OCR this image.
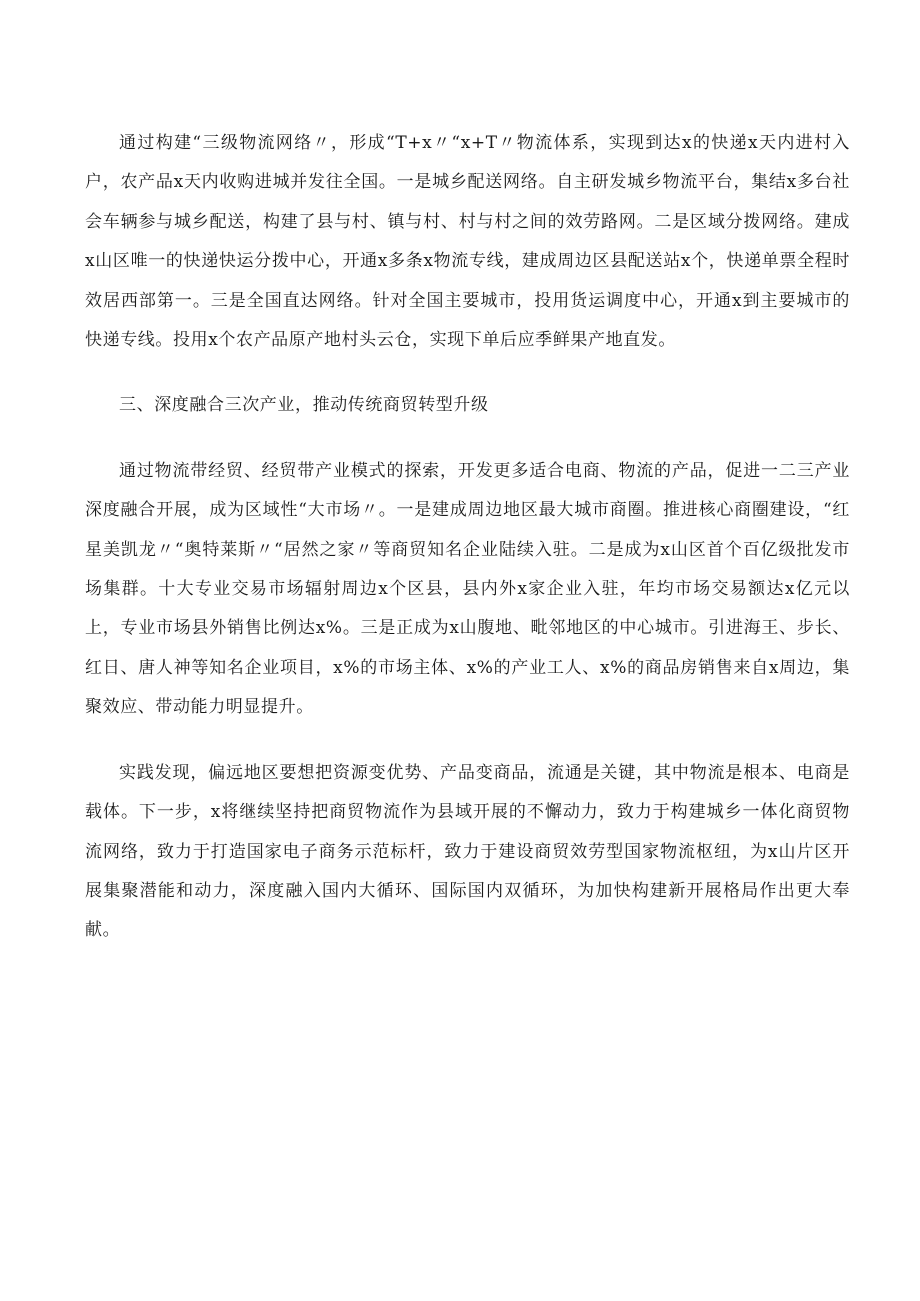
通过构建“三级物流网络〃，形成“T+x〃“x+T〃物流体系，实现到达x的快递x天内进村入户，农产品x天内收购进城并发往全国。一是城乡配送网络。自主研发城乡物流平台，集结x多台社会车辆参与城乡配送，构建了县与村、镇与村、村与村之间的效劳路网。二是区域分拨网络。建成x山区唯一的快递快运分拨中心，开通x多条x物流专线，建成周边区县配送站x个，快递单票全程时效居西部第一。三是全国直达网络。针对全国主要城市，投用货运调度中心，开通x到主要城市的快递专线。投用x个农产品原产地村头云仓，实现下单后应季鲜果产地直发。

三、深度融合三次产业，推动传统商贸转型升级

通过物流带经贸、经贸带产业模式的探索，开发更多适合电商、物流的产品，促进一二三产业深度融合开展，成为区域性“大市场〃。一是建成周边地区最大城市商圈。推进核心商圈建设，“红星美凯龙〃“奥特莱斯〃“居然之家〃等商贸知名企业陆续入驻。二是成为x山区首个百亿级批发市场集群。十大专业交易市场辐射周边x个区县，县内外x家企业入驻，年均市场交易额达x亿元以上，专业市场县外销售比例达x%。三是正成为x山腹地、毗邻地区的中心城市。引进海王、步长、红日、唐人神等知名企业项目，x%的市场主体、x%的产业工人、x%的商品房销售来自x周边，集聚效应、带动能力明显提升。

实践发现，偏远地区要想把资源变优势、产品变商品，流通是关键，其中物流是根本、电商是载体。下一步，x将继续坚持把商贸物流作为县域开展的不懈动力，致力于构建城乡一体化商贸物流网络，致力于打造国家电子商务示范标杆，致力于建设商贸效劳型国家物流枢纽，为x山片区开展集聚潜能和动力，深度融入国内大循环、国际国内双循环，为加快构建新开展格局作出更大奉献。
